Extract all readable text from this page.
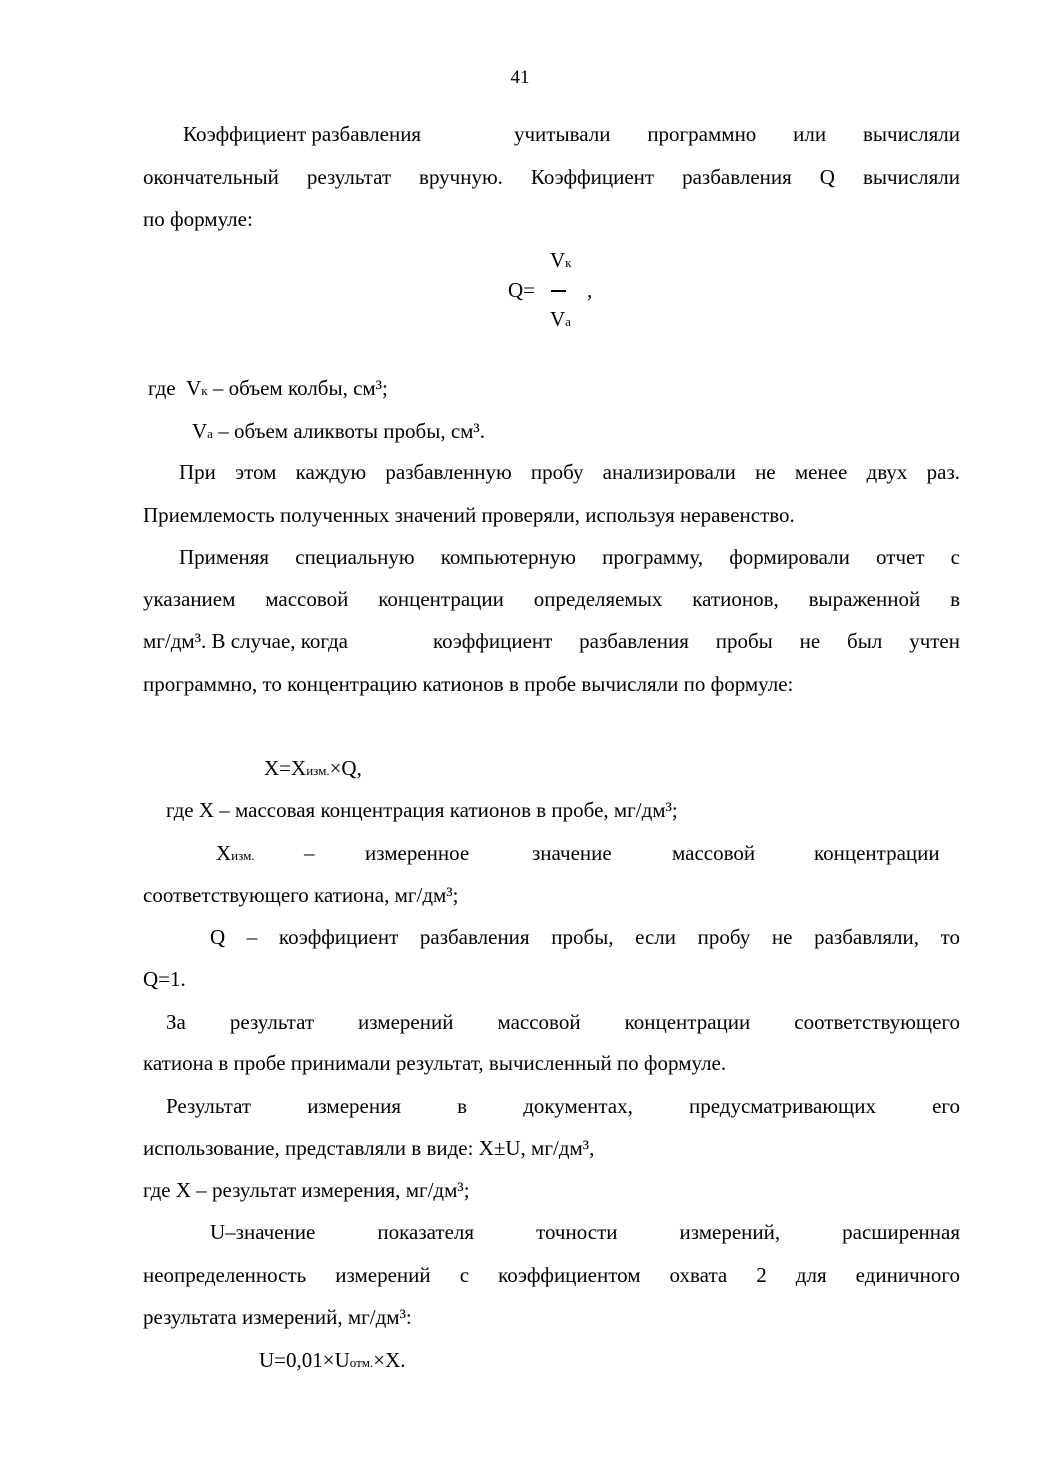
41
Коэффициент разбавления	учитывали программно или вычисляли
окончательный результат вручную. Коэффициент разбавления Q вычисляли
по формуле:
Vк
Q= ,
Vа
где Vк – объем колбы, см³;
Vа – объем аликвоты пробы, см³.
При этом каждую разбавленную пробу анализировали не менее двух раз.
Приемлемость полученных значений проверяли, используя неравенство.
Применяя специальную компьютерную программу, формировали отчет с
указанием массовой концентрации определяемых катионов, выраженной в
мг/дм³. В случае, когда	коэффициент разбавления пробы не был учтен
программно, то концентрацию катионов в пробе вычисляли по формуле:
X=Xизм.×Q,
где X – массовая концентрация катионов в пробе, мг/дм³;
Xизм. – измеренное	значение	массовой	концентрации
соответствующего катиона, мг/дм³;
Q – коэффициент разбавления пробы, если пробу не разбавляли, то
Q=1.
За результат измерений массовой концентрации соответствующего
катиона в пробе принимали результат, вычисленный по формуле.
Результат измерения в документах, предусматривающих его
использование, представляли в виде: X±U, мг/дм³,
где X – результат измерения, мг/дм³;
U–значение показателя точности измерений, расширенная
неопределенность измерений с коэффициентом охвата 2 для единичного
результата измерений, мг/дм³:
U=0,01×Uотм.×X.
